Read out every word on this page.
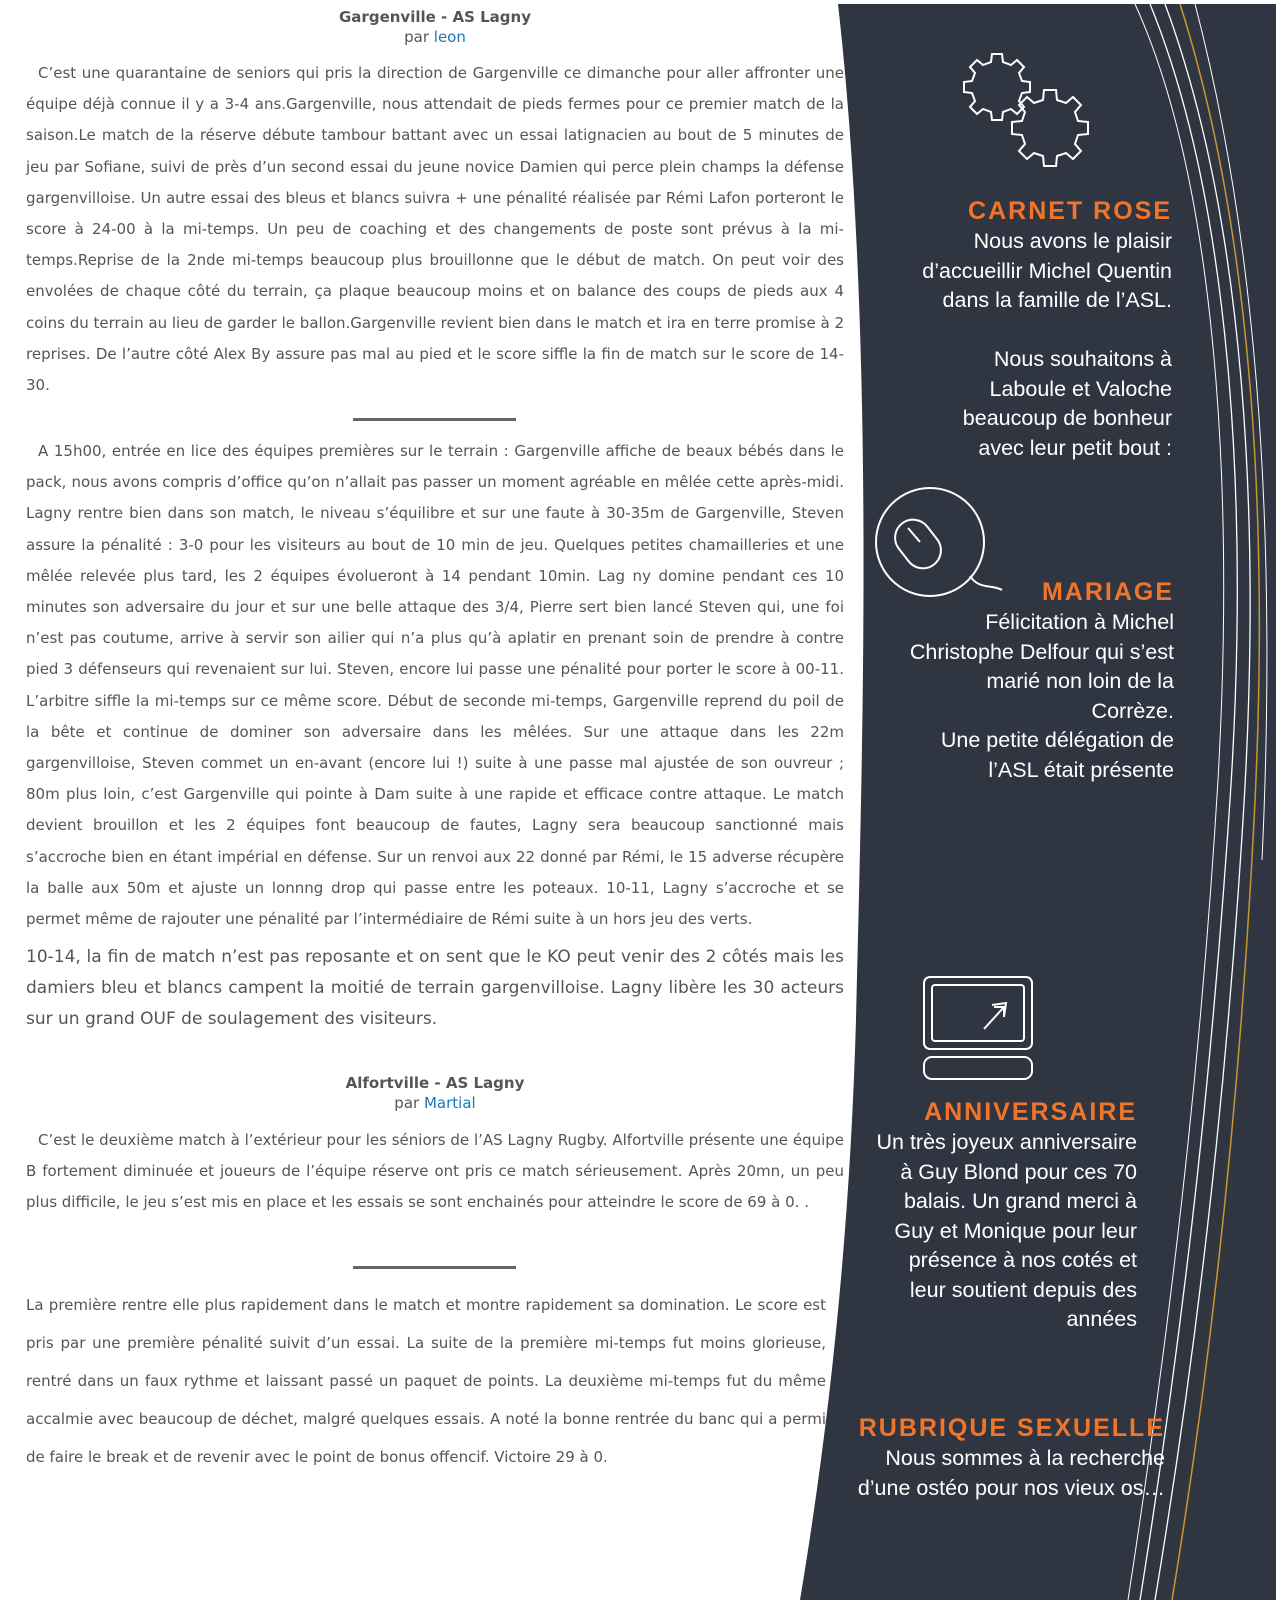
Gargenville - AS Lagny
par leon

C’est une quarantaine de seniors qui pris la direction de Gargenville ce dimanche pour aller affronter une équipe déjà connue il y a 3-4 ans.Gargenville, nous attendait de pieds fermes pour ce premier match de la saison.Le match de la réserve débute tambour battant avec un essai latignacien au bout de 5 minutes de jeu par Sofiane, suivi de près d’un second essai du jeune novice Damien qui perce plein champs la défense gargenvilloise. Un autre essai des bleus et blancs suivra + une pénalité réalisée par Rémi Lafon porteront le score à 24-00 à la mi-temps. Un peu de coaching et des changements de poste sont prévus à la mi-temps.Reprise de la 2nde mi-temps beaucoup plus brouillonne que le début de match. On peut voir des envolées de chaque côté du terrain, ça plaque beaucoup moins et on balance des coups de pieds aux 4 coins du terrain au lieu de garder le ballon.Gargenville revient bien dans le match et ira en terre promise à 2 reprises. De l’autre côté Alex By assure pas mal au pied et le score siffle la fin de match sur le score de 14-30.

A 15h00, entrée en lice des équipes premières sur le terrain : Gargenville affiche de beaux bébés dans le pack, nous avons compris d’office qu’on n’allait pas passer un moment agréable en mêlée cette après-midi. Lagny rentre bien dans son match, le niveau s’équilibre et sur une faute à 30-35m de Gargenville, Steven assure la pénalité : 3-0 pour les visiteurs au bout de 10 min de jeu. Quelques petites chamailleries et une mêlée relevée plus tard, les 2 équipes évolueront à 14 pendant 10min. Lag ny domine pendant ces 10 minutes son adversaire du jour et sur une belle attaque des 3/4, Pierre sert bien lancé Steven qui, une foi n’est pas coutume, arrive à servir son ailier qui n’a plus qu’à aplatir en prenant soin de prendre à contre pied 3 défenseurs qui revenaient sur lui. Steven, encore lui passe une pénalité pour porter le score à 00-11. L’arbitre siffle la mi-temps sur ce même score. Début de seconde mi-temps, Gargenville reprend du poil de la bête et continue de dominer son adversaire dans les mêlées. Sur une attaque dans les 22m gargenvilloise, Steven commet un en-avant (encore lui !) suite à une passe mal ajustée de son ouvreur ; 80m plus loin, c’est Gargenville qui pointe à Dam suite à une rapide et efficace contre attaque. Le match devient brouillon et les 2 équipes font beaucoup de fautes, Lagny sera beaucoup sanctionné mais s’accroche bien en étant impérial en défense. Sur un renvoi aux 22 donné par Rémi, le 15 adverse récupère la balle aux 50m et ajuste un lonnng drop qui passe entre les poteaux. 10-11, Lagny s’accroche et se permet même de rajouter une pénalité par l’intermédiaire de Rémi suite à un hors jeu des verts.

10-14, la fin de match n’est pas reposante et on sent que le KO peut venir des 2 côtés mais les damiers bleu et blancs campent la moitié de terrain gargenvilloise. Lagny libère les 30 acteurs sur un grand OUF de soulagement des visiteurs.

Alfortville - AS Lagny
par Martial

C’est le deuxième match à l’extérieur pour les séniors de l’AS Lagny Rugby. Alfortville présente une équipe B fortement diminuée et joueurs de l’équipe réserve ont pris ce match sérieusement. Après 20mn, un peu plus difficile, le jeu s’est mis en place et les essais se sont enchainés pour atteindre le score de 69 à 0. .

La première rentre elle plus rapidement dans le match et montre rapidement sa domination. Le score est pris par une première pénalité suivit d’un essai. La suite de la première mi-temps fut moins glorieuse, rentré dans un faux rythme et laissant passé un paquet de points. La deuxième mi-temps fut du même accalmie avec beaucoup de déchet, malgré quelques essais. A noté la bonne rentrée du banc qui a permi de faire le break et de revenir avec le point de bonus offencif. Victoire 29 à 0.

CARNET ROSE
Nous avons le plaisir
d’accueillir Michel Quentin
dans la famille de l’ASL.
Nous souhaitons à
Laboule et Valoche
beaucoup de bonheur
avec leur petit bout :
MARIAGE
Félicitation à Michel
Christophe Delfour qui s’est
marié non loin de la
Corrèze.
Une petite délégation de
l’ASL était présente
ANNIVERSAIRE
Un très joyeux anniversaire
à Guy Blond pour ces 70
balais. Un grand merci à
Guy et Monique pour leur
présence à nos cotés et
leur soutient depuis des
années
RUBRIQUE SEXUELLE
Nous sommes à la recherche
d’une ostéo pour nos vieux os…
